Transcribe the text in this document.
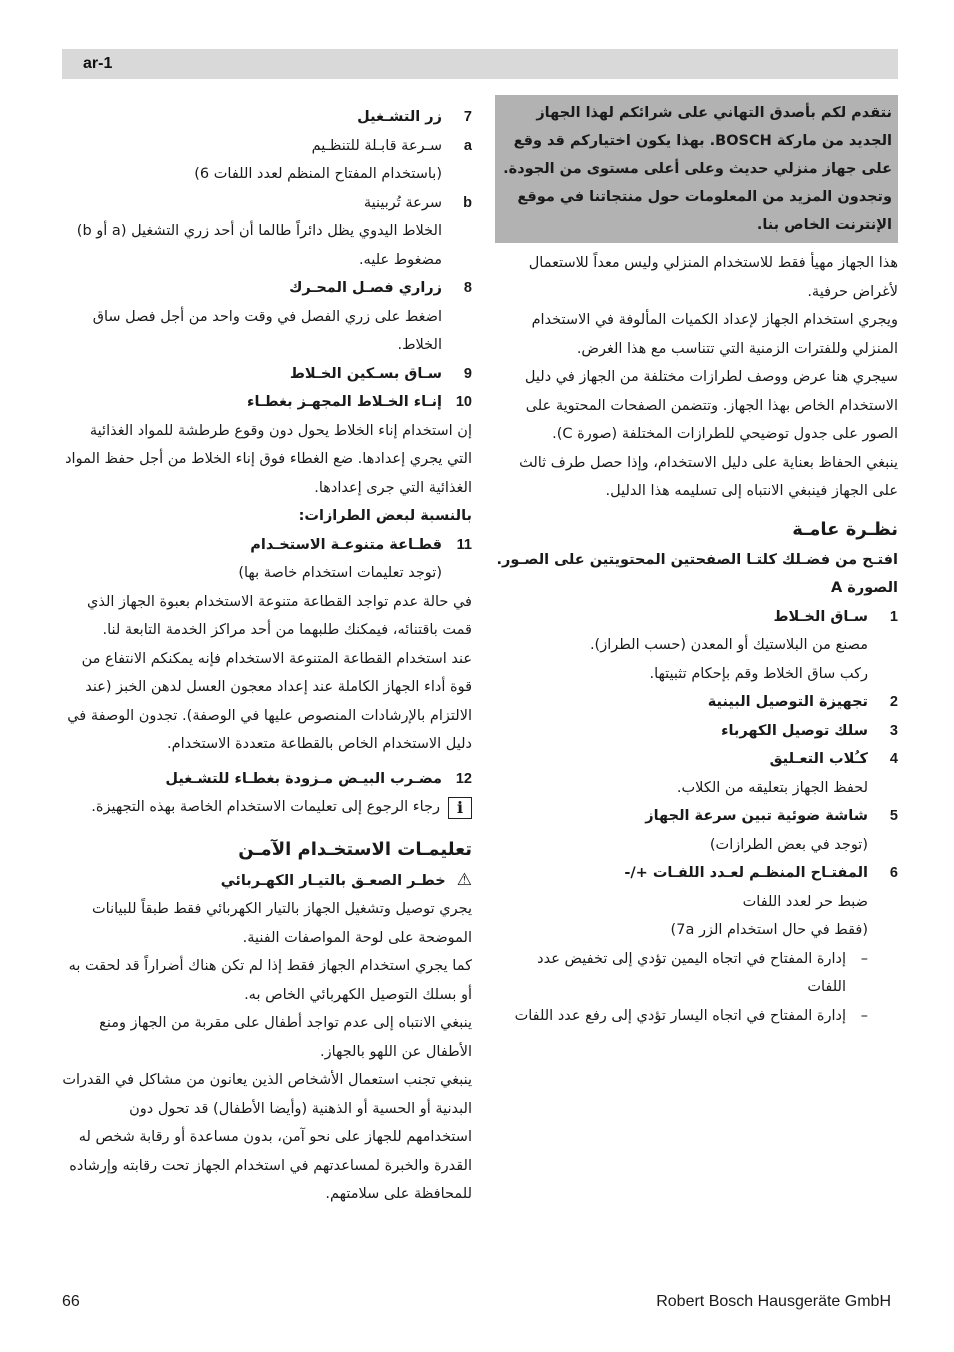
ar-1
نتقدم لكم بأصدق التهاني على شرائكم لهذا الجهاز الجديد من ماركة BOSCH. بهذا يكون اختياركم قد وقع على جهاز منزلي حديث وعلى أعلى مستوى من الجودة. وتجدون المزيد من المعلومات حول منتجاتنا في موقع الإنترنت الخاص بنا.

هذا الجهاز مهيأ فقط للاستخدام المنزلي وليس معداً للاستعمال لأغراض حرفية.

ويجري استخدام الجهاز لإعداد الكميات المألوفة في الاستخدام المنزلي وللفترات الزمنية التي تتناسب مع هذا الغرض.

سيجري هنا عرض ووصف لطرازات مختلفة من الجهاز في دليل الاستخدام الخاص بهذا الجهاز. وتتضمن الصفحات المحتوية على الصور على جدول توضيحي للطرازات المختلفة (صورة C).

ينبغي الحفاظ بعناية على دليل الاستخدام، وإذا حصل طرف ثالث على الجهاز فينبغي الانتباه إلى تسليمه هذا الدليل.

نظـرة عامـة
افتـح من فضـلك كلتـا الصفحتين المحتويتين على الصـور.
الصورة A
1
سـاق الخـلاط
مصنع من البلاستيك أو المعدن (حسب الطراز).
ركب ساق الخلاط وقم بإحكام تثبيتها.
2
تجهيزة التوصيل البينية
3
سلك توصيل الكهرباء
4
كـُلاب التعـليق
لحفظ الجهاز بتعليقه من الكلاب.
5
شاشة ضوئية تبين سرعة الجهاز
(توجد في بعض الطرازات)
6
المفتـاح المنظـم لعـدد اللفـات +/-
ضبط حر لعدد اللفات
(فقط في حال استخدام الزر 7a)
–
إدارة المفتاح في اتجاه اليمين تؤدي إلى تخفيض عدد اللفات
–
إدارة المفتاح في اتجاه اليسار تؤدي إلى رفع عدد اللفات
7
زر التشـغيل
a
سـرعة قابـلة للتنظـيم
(باستخدام المفتاح المنظم لعدد اللفات 6)
b
سرعة تُربينية
الخلاط اليدوي يظل دائراً طالما أن أحد زري التشغيل (a أو b) مضغوط عليه.
8
زراري فصـل المحـرك
اضغط على زري الفصل في وقت واحد من أجل فصل ساق الخلاط.
9
سـاق بسـكين الخـلاط
10
إنـاء الخـلاط المجهـز بغطـاء
إن استخدام إناء الخلاط يحول دون وقوع طرطشة للمواد الغذائية التي يجري إعدادها. ضع الغطاء فوق إناء الخلاط من أجل حفظ المواد الغذائية التي جرى إعدادها.
بالنسبة لبعض الطرازات:
11
قطـاعة متنوعـة الاستخـدام
(توجد تعليمات استخدام خاصة بها)
في حالة عدم تواجد القطاعة متنوعة الاستخدام بعبوة الجهاز الذي قمت باقتنائه، فيمكنك طلبهما من أحد مراكز الخدمة التابعة لنا.
عند استخدام القطاعة المتنوعة الاستخدام فإنه يمكنكم الانتفاع من قوة أداء الجهاز الكاملة عند إعداد معجون العسل لدهن الخبز (عند الالتزام بالإرشادات المنصوص عليها في الوصفة). تجدون الوصفة في دليل الاستخدام الخاص بالقطاعة متعددة الاستخدام.
12
مضـرب البيـض مـزودة بغطـاء للتشـغيل
i
رجاء الرجوع إلى تعليمات الاستخدام الخاصة بهذه التجهيزة.
تعليمـات الاستخـدام الآمـن
⚠ خطـر الصعـق بالتيـار الكهـربائي

يجري توصيل وتشغيل الجهاز بالتيار الكهربائي فقط طبقاً للبيانات الموضحة على لوحة المواصفات الفنية.

كما يجري استخدام الجهاز فقط إذا لم تكن هناك أضراراً قد لحقت به أو بسلك التوصيل الكهربائي الخاص به.

ينبغي الانتباه إلى عدم تواجد أطفال على مقربة من الجهاز ومنع الأطفال عن اللهو بالجهاز.

ينبغي تجنب استعمال الأشخاص الذين يعانون من مشاكل في القدرات البدنية أو الحسية أو الذهنية (وأيضا الأطفال) قد تحول دون استخدامهم للجهاز على نحو آمن، بدون مساعدة أو رقابة شخص له القدرة والخبرة لمساعدتهم في استخدام الجهاز تحت رقابته وإرشاده للمحافظة على سلامتهم.

66	Robert Bosch Hausgeräte GmbH
